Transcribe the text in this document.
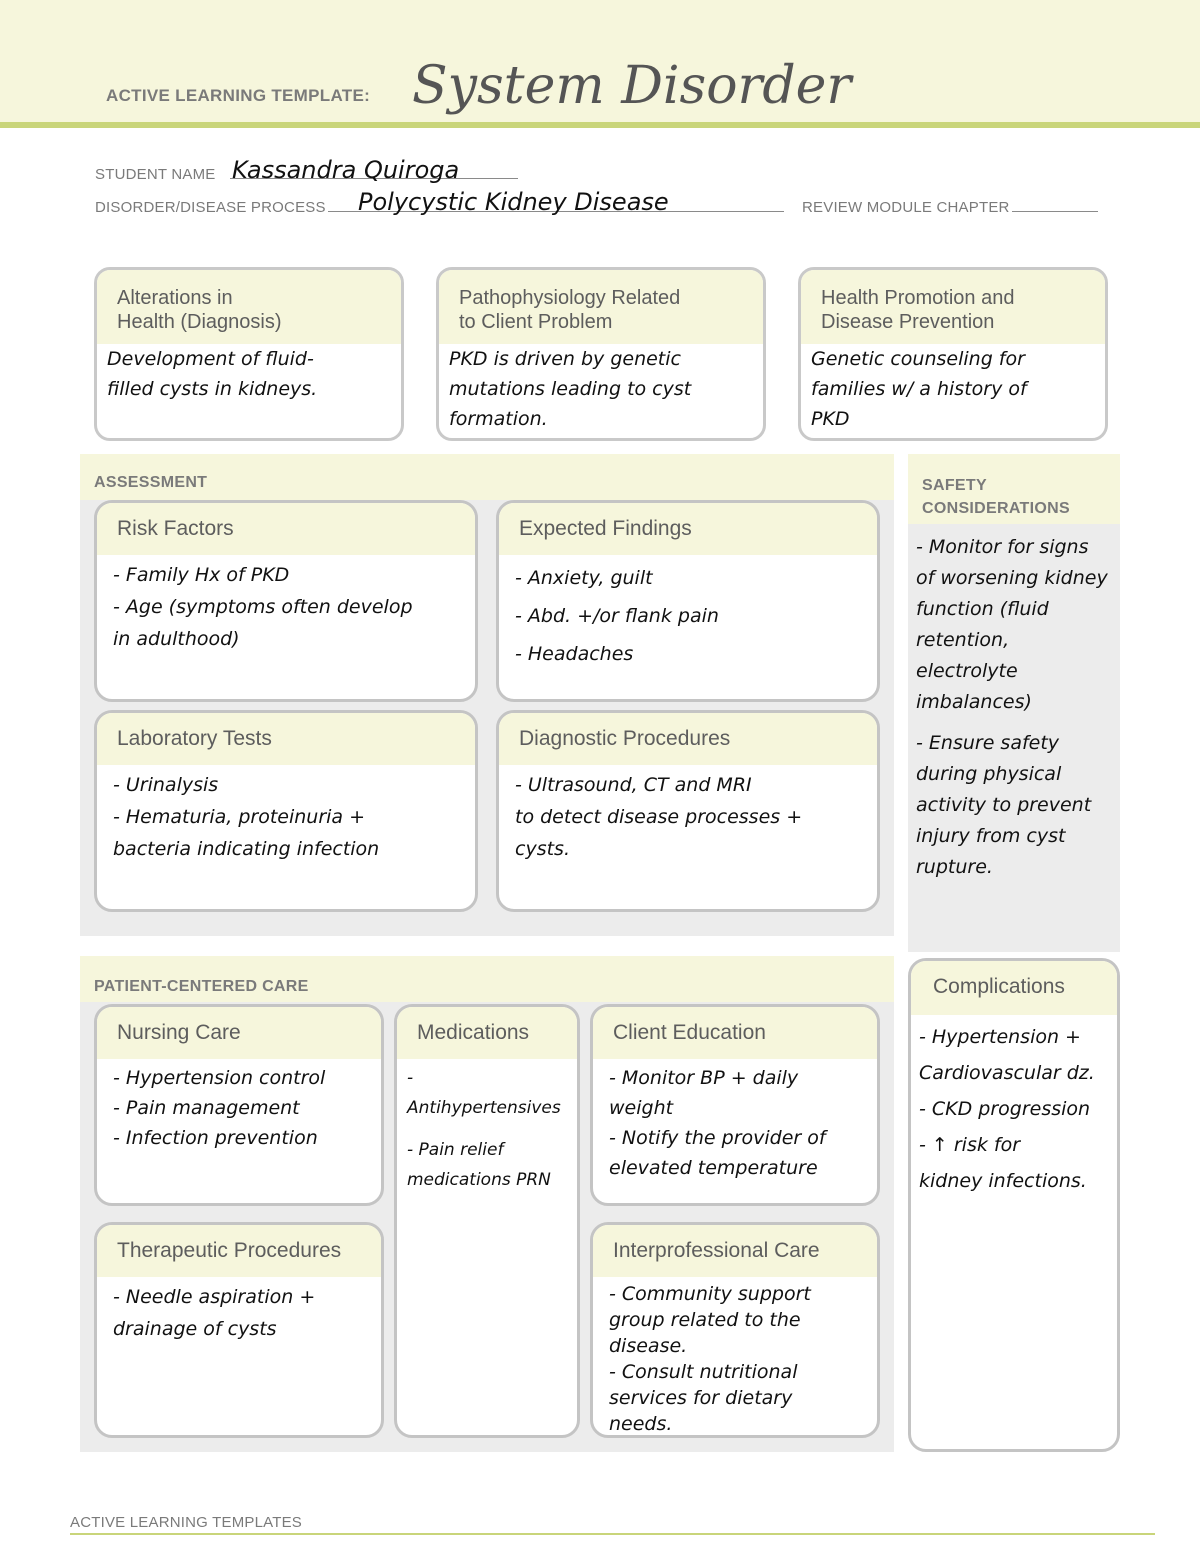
ACTIVE LEARNING TEMPLATE: System Disorder
STUDENT NAME Kassandra Quiroga
DISORDER/DISEASE PROCESS Polycystic Kidney Disease	REVIEW MODULE CHAPTER
Alterations in
Health (Diagnosis)
Development of fluid-
filled cysts in kidneys.
Pathophysiology Related
to Client Problem
PKD is driven by genetic
mutations leading to cyst
formation.
Health Promotion and
Disease Prevention
Genetic counseling for
families w/ a history of
PKD
ASSESSMENT
Risk Factors
- Family Hx of PKD
- Age (symptoms often develop
in adulthood)
Expected Findings
- Anxiety, guilt
- Abd. +/or flank pain
- Headaches
Laboratory Tests
- Urinalysis
- Hematuria, proteinuria +
bacteria indicating infection
Diagnostic Procedures
- Ultrasound, CT and MRI
to detect disease processes +
cysts.
SAFETY
CONSIDERATIONS
- Monitor for signs
of worsening kidney
function (fluid retention,
electrolyte imbalances)
- Ensure safety
during physical
activity to prevent
injury from cyst
rupture.
PATIENT-CENTERED CARE
Nursing Care
- Hypertension control
- Pain management
- Infection prevention
Medications
- Antihypertensives
- Pain relief
medications PRN
Client Education
- Monitor BP + daily
weight
- Notify the provider of
elevated temperature
Therapeutic Procedures
- Needle aspiration +
drainage of cysts
Interprofessional Care
- Community support
group related to the
disease.
- Consult nutritional
services for dietary
needs.
Complications
- Hypertension +
Cardiovascular dz.
- CKD progression
- ↑ risk for
kidney infections.
ACTIVE LEARNING TEMPLATES
